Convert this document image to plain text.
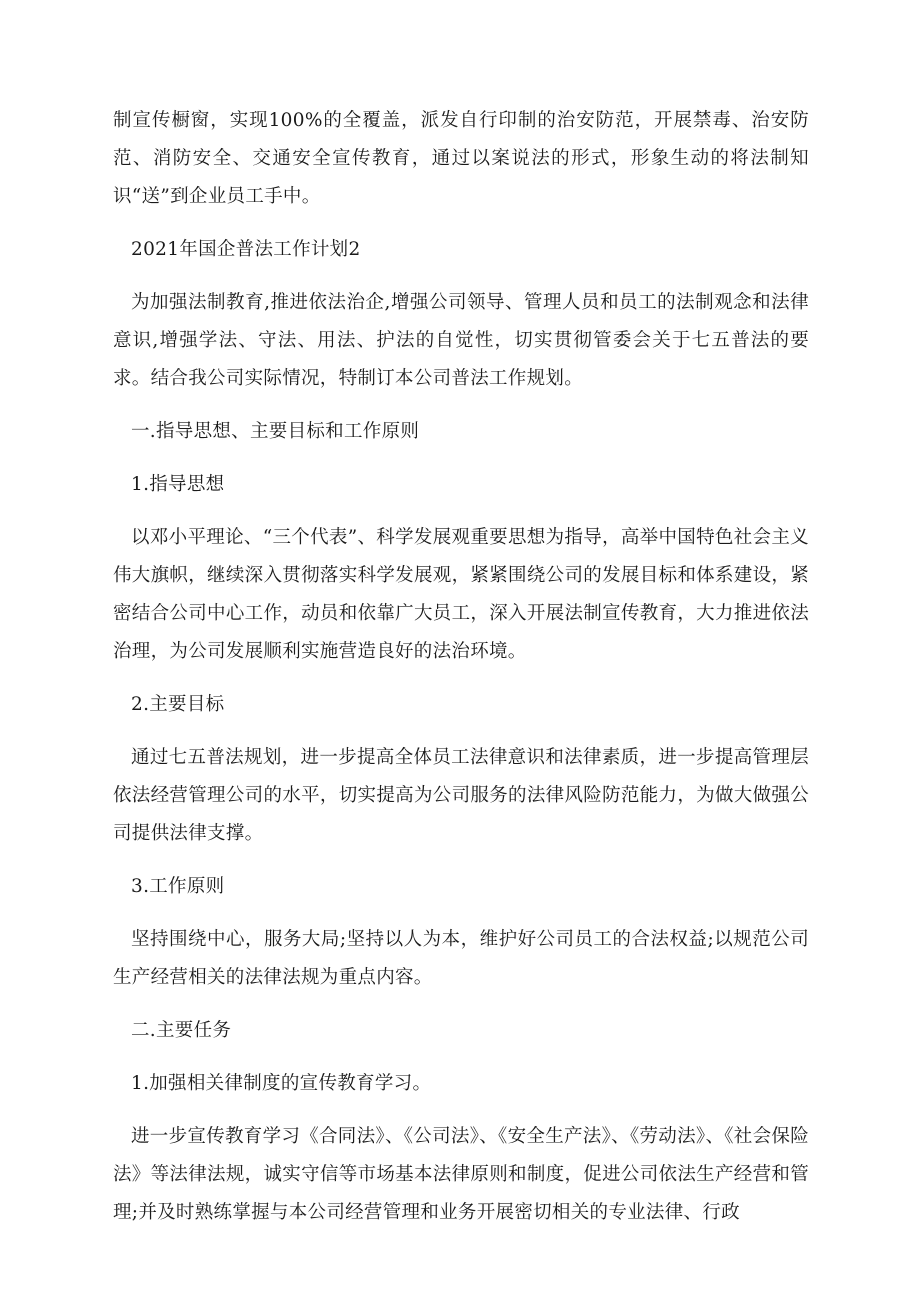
制宣传橱窗，实现100%的全覆盖，派发自行印制的治安防范，开展禁毒、治安防范、消防安全、交通安全宣传教育，通过以案说法的形式，形象生动的将法制知识“送”到企业员工手中。

2021年国企普法工作计划2

为加强法制教育,推进依法治企,增强公司领导、管理人员和员工的法制观念和法律意识,增强学法、守法、用法、护法的自觉性，切实贯彻管委会关于七五普法的要求。结合我公司实际情况，特制订本公司普法工作规划。

一.指导思想、主要目标和工作原则

1.指导思想

以邓小平理论、“三个代表”、科学发展观重要思想为指导，高举中国特色社会主义伟大旗帜，继续深入贯彻落实科学发展观，紧紧围绕公司的发展目标和体系建设，紧密结合公司中心工作，动员和依靠广大员工，深入开展法制宣传教育，大力推进依法治理，为公司发展顺利实施营造良好的法治环境。

2.主要目标

通过七五普法规划，进一步提高全体员工法律意识和法律素质，进一步提高管理层依法经营管理公司的水平，切实提高为公司服务的法律风险防范能力，为做大做强公司提供法律支撑。

3.工作原则

坚持围绕中心，服务大局;坚持以人为本，维护好公司员工的合法权益;以规范公司生产经营相关的法律法规为重点内容。

二.主要任务

1.加强相关律制度的宣传教育学习。

进一步宣传教育学习《合同法》、《公司法》、《安全生产法》、《劳动法》、《社会保险法》等法律法规，诚实守信等市场基本法律原则和制度，促进公司依法生产经营和管理;并及时熟练掌握与本公司经营管理和业务开展密切相关的专业法律、行政
